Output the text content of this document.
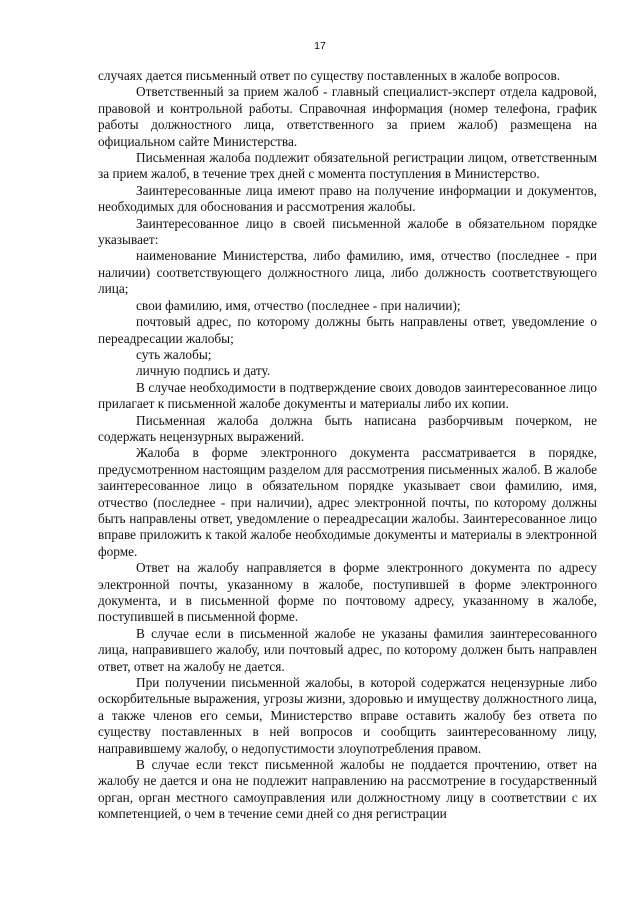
17

случаях дается письменный ответ по существу поставленных в жалобе вопросов.

Ответственный за прием жалоб - главный специалист-эксперт отдела кадровой, правовой и контрольной работы. Справочная информация (номер телефона, график работы должностного лица, ответственного за прием жалоб) размещена на официальном сайте Министерства.

Письменная жалоба подлежит обязательной регистрации лицом, ответственным за прием жалоб, в течение трех дней с момента поступления в Министерство.

Заинтересованные лица имеют право на получение информации и документов, необходимых для обоснования и рассмотрения жалобы.

Заинтересованное лицо в своей письменной жалобе в обязательном порядке указывает:

наименование Министерства, либо фамилию, имя, отчество (последнее - при наличии) соответствующего должностного лица, либо должность соответствующего лица;

свои фамилию, имя, отчество (последнее - при наличии);

почтовый адрес, по которому должны быть направлены ответ, уведомление о переадресации жалобы;

суть жалобы;

личную подпись и дату.

В случае необходимости в подтверждение своих доводов заинтересованное лицо прилагает к письменной жалобе документы и материалы либо их копии.

Письменная жалоба должна быть написана разборчивым почерком, не содержать нецензурных выражений.

Жалоба в форме электронного документа рассматривается в порядке, предусмотренном настоящим разделом для рассмотрения письменных жалоб. В жалобе заинтересованное лицо в обязательном порядке указывает свои фамилию, имя, отчество (последнее - при наличии), адрес электронной почты, по которому должны быть направлены ответ, уведомление о переадресации жалобы. Заинтересованное лицо вправе приложить к такой жалобе необходимые документы и материалы в электронной форме.

Ответ на жалобу направляется в форме электронного документа по адресу электронной почты, указанному в жалобе, поступившей в форме электронного документа, и в письменной форме по почтовому адресу, указанному в жалобе, поступившей в письменной форме.

В случае если в письменной жалобе не указаны фамилия заинтересованного лица, направившего жалобу, или почтовый адрес, по которому должен быть направлен ответ, ответ на жалобу не дается.

При получении письменной жалобы, в которой содержатся нецензурные либо оскорбительные выражения, угрозы жизни, здоровью и имуществу должностного лица, а также членов его семьи, Министерство вправе оставить жалобу без ответа по существу поставленных в ней вопросов и сообщить заинтересованному лицу, направившему жалобу, о недопустимости злоупотребления правом.

В случае если текст письменной жалобы не поддается прочтению, ответ на жалобу не дается и она не подлежит направлению на рассмотрение в государственный орган, орган местного самоуправления или должностному лицу в соответствии с их компетенцией, о чем в течение семи дней со дня регистрации
